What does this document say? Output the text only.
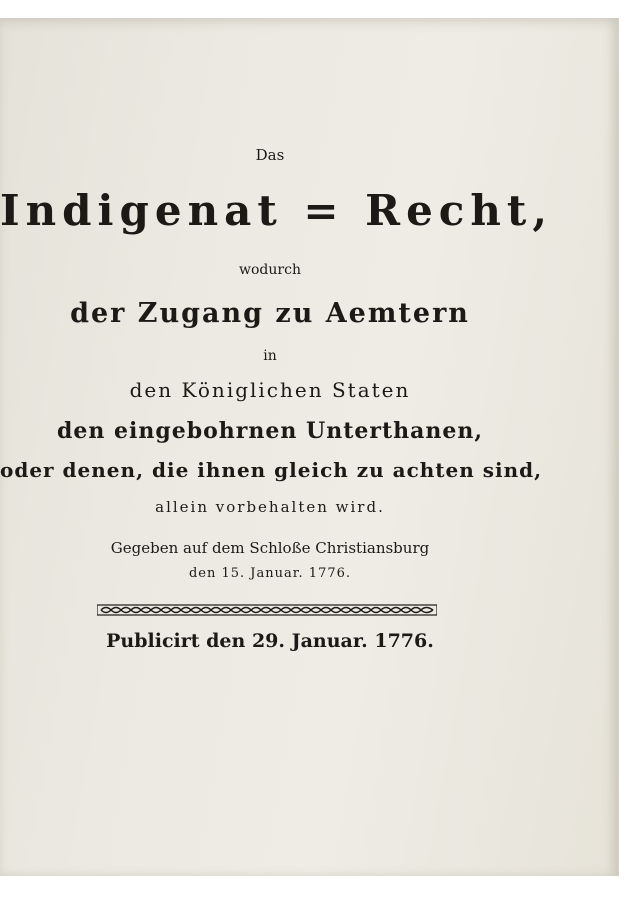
Das
Indigenat = Recht,
wodurch
der Zugang zu Aemtern
in
den Königlichen Staten
den eingebohrnen Unterthanen,
oder denen, die ihnen gleich zu achten sind,
allein vorbehalten wird.
Gegeben auf dem Schloße Christiansburg
den 15. Januar. 1776.
Publicirt den 29. Januar. 1776.
